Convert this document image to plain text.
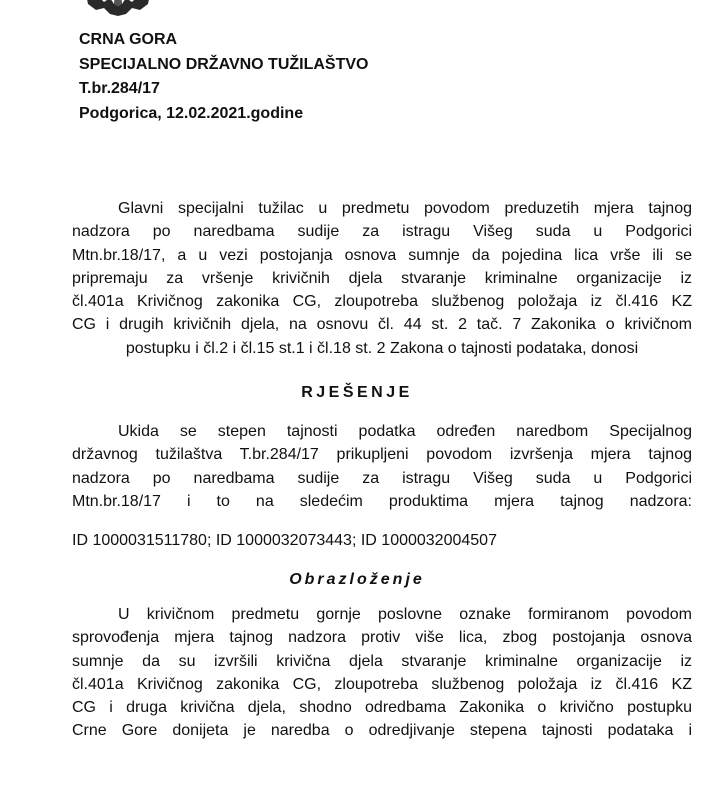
CRNA GORA
SPECIJALNO DRŽAVNO TUŽILAŠTVO
T.br.284/17
Podgorica, 12.02.2021.godine
Glavni specijalni tužilac u predmetu povodom preduzetih mjera tajnog
nadzora po naredbama sudije za istragu Višeg suda u Podgorici
Mtn.br.18/17, a u vezi postojanja osnova sumnje da pojedina lica vrše ili se
pripremaju za vršenje krivičnih djela stvaranje kriminalne organizacije iz
čl.401a Krivičnog zakonika CG, zloupotreba službenog položaja iz čl.416 KZ
CG i drugih krivičnih djela, na osnovu čl. 44 st. 2 tač. 7 Zakonika o krivičnom
postupku i čl.2 i čl.15 st.1 i čl.18 st. 2 Zakona o tajnosti podataka, donosi
RJEŠENJE
Ukida se stepen tajnosti podatka određen naredbom Specijalnog
državnog tužilaštva T.br.284/17 prikupljeni povodom izvršenja mjera tajnog
nadzora po naredbama sudije za istragu Višeg suda u Podgorici
Mtn.br.18/17 i to na sledećim produktima mjera tajnog nadzora:
ID 1000031511780; ID 1000032073443; ID 1000032004507
Obrazloženje
U krivičnom predmetu gornje poslovne oznake formiranom povodom
sprovođenja mjera tajnog nadzora protiv više lica, zbog postojanja osnova
sumnje da su izvršili krivična djela stvaranje kriminalne organizacije iz
čl.401a Krivičnog zakonika CG, zloupotreba službenog položaja iz čl.416 KZ
CG i druga krivična djela, shodno odredbama Zakonika o krivično postupku
Crne Gore donijeta je naredba o odredjivanje stepena tajnosti podataka i
